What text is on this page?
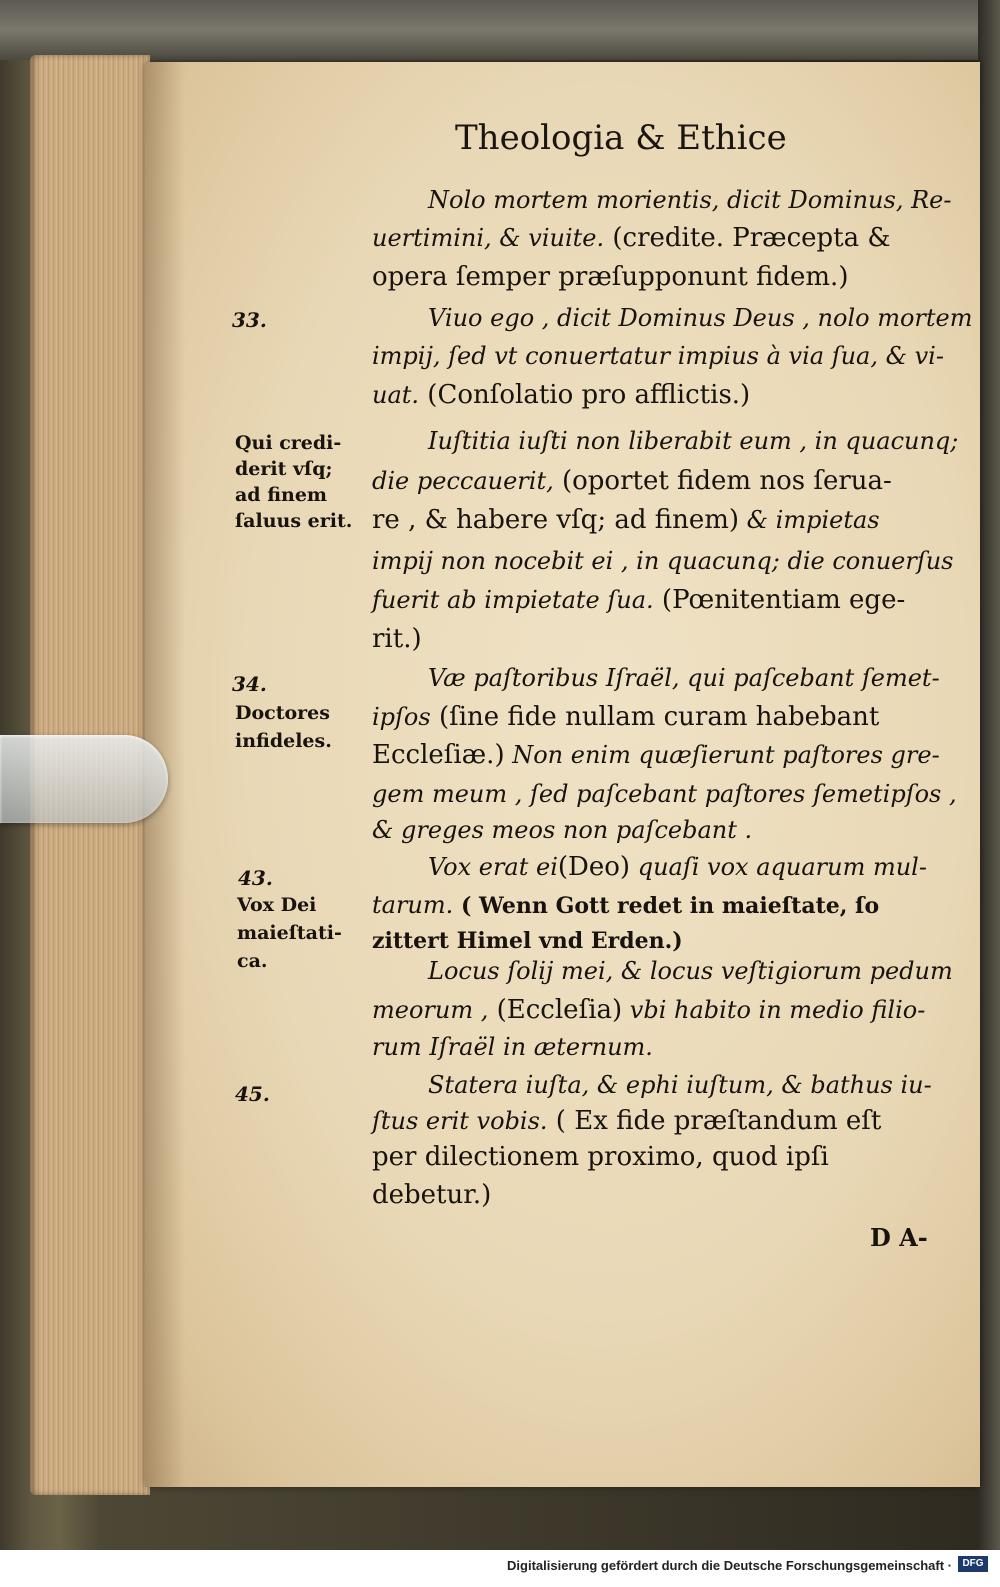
Theologia & Ethice
Nolo mortem morientis, dicit Dominus, Re-
uertimini, & viuite. (credite. Præcepta &
opera ſemper præſupponunt fidem.)
Viuo ego , dicit Dominus Deus , nolo mortem
impij, ſed vt conuertatur impius à via ſua, & vi-
uat. (Conſolatio pro afflictis.)
Iuſtitia iuſti non liberabit eum , in quacunq;
die peccauerit, (oportet fidem nos ſerua-
re , & habere vſq; ad finem) & impietas
impij non nocebit ei , in quacunq; die conuerſus
fuerit ab impietate ſua. (Pœnitentiam ege-
rit.)
Væ paſtoribus Iſraël, qui paſcebant ſemet-
ipſos (ſine fide nullam curam habebant
Eccleſiæ.) Non enim quæſierunt paſtores gre-
gem meum , ſed paſcebant paſtores ſemetipſos ,
& greges meos non paſcebant .
Vox erat ei(Deo) quaſi vox aquarum mul-
tarum. ( Wenn Gott redet in maieſtate, ſo
zittert Himel vnd Erden.)
Locus ſolij mei, & locus veſtigiorum pedum
meorum , (Eccleſia) vbi habito in medio filio-
rum Iſraël in æternum.
Statera iuſta, & ephi iuſtum, & bathus iu-
ſtus erit vobis. ( Ex fide præſtandum eſt
per dilectionem proximo, quod ipſi
debetur.)
33.
Qui credi-
derit vſq;
ad finem
ſaluus erit.
34.
Doctores
infideles.
43.
Vox Dei
maieſtati-
ca.
45.
D A-
Digitalisierung gefördert durch die Deutsche Forschungsgemeinschaft ·	DFG
